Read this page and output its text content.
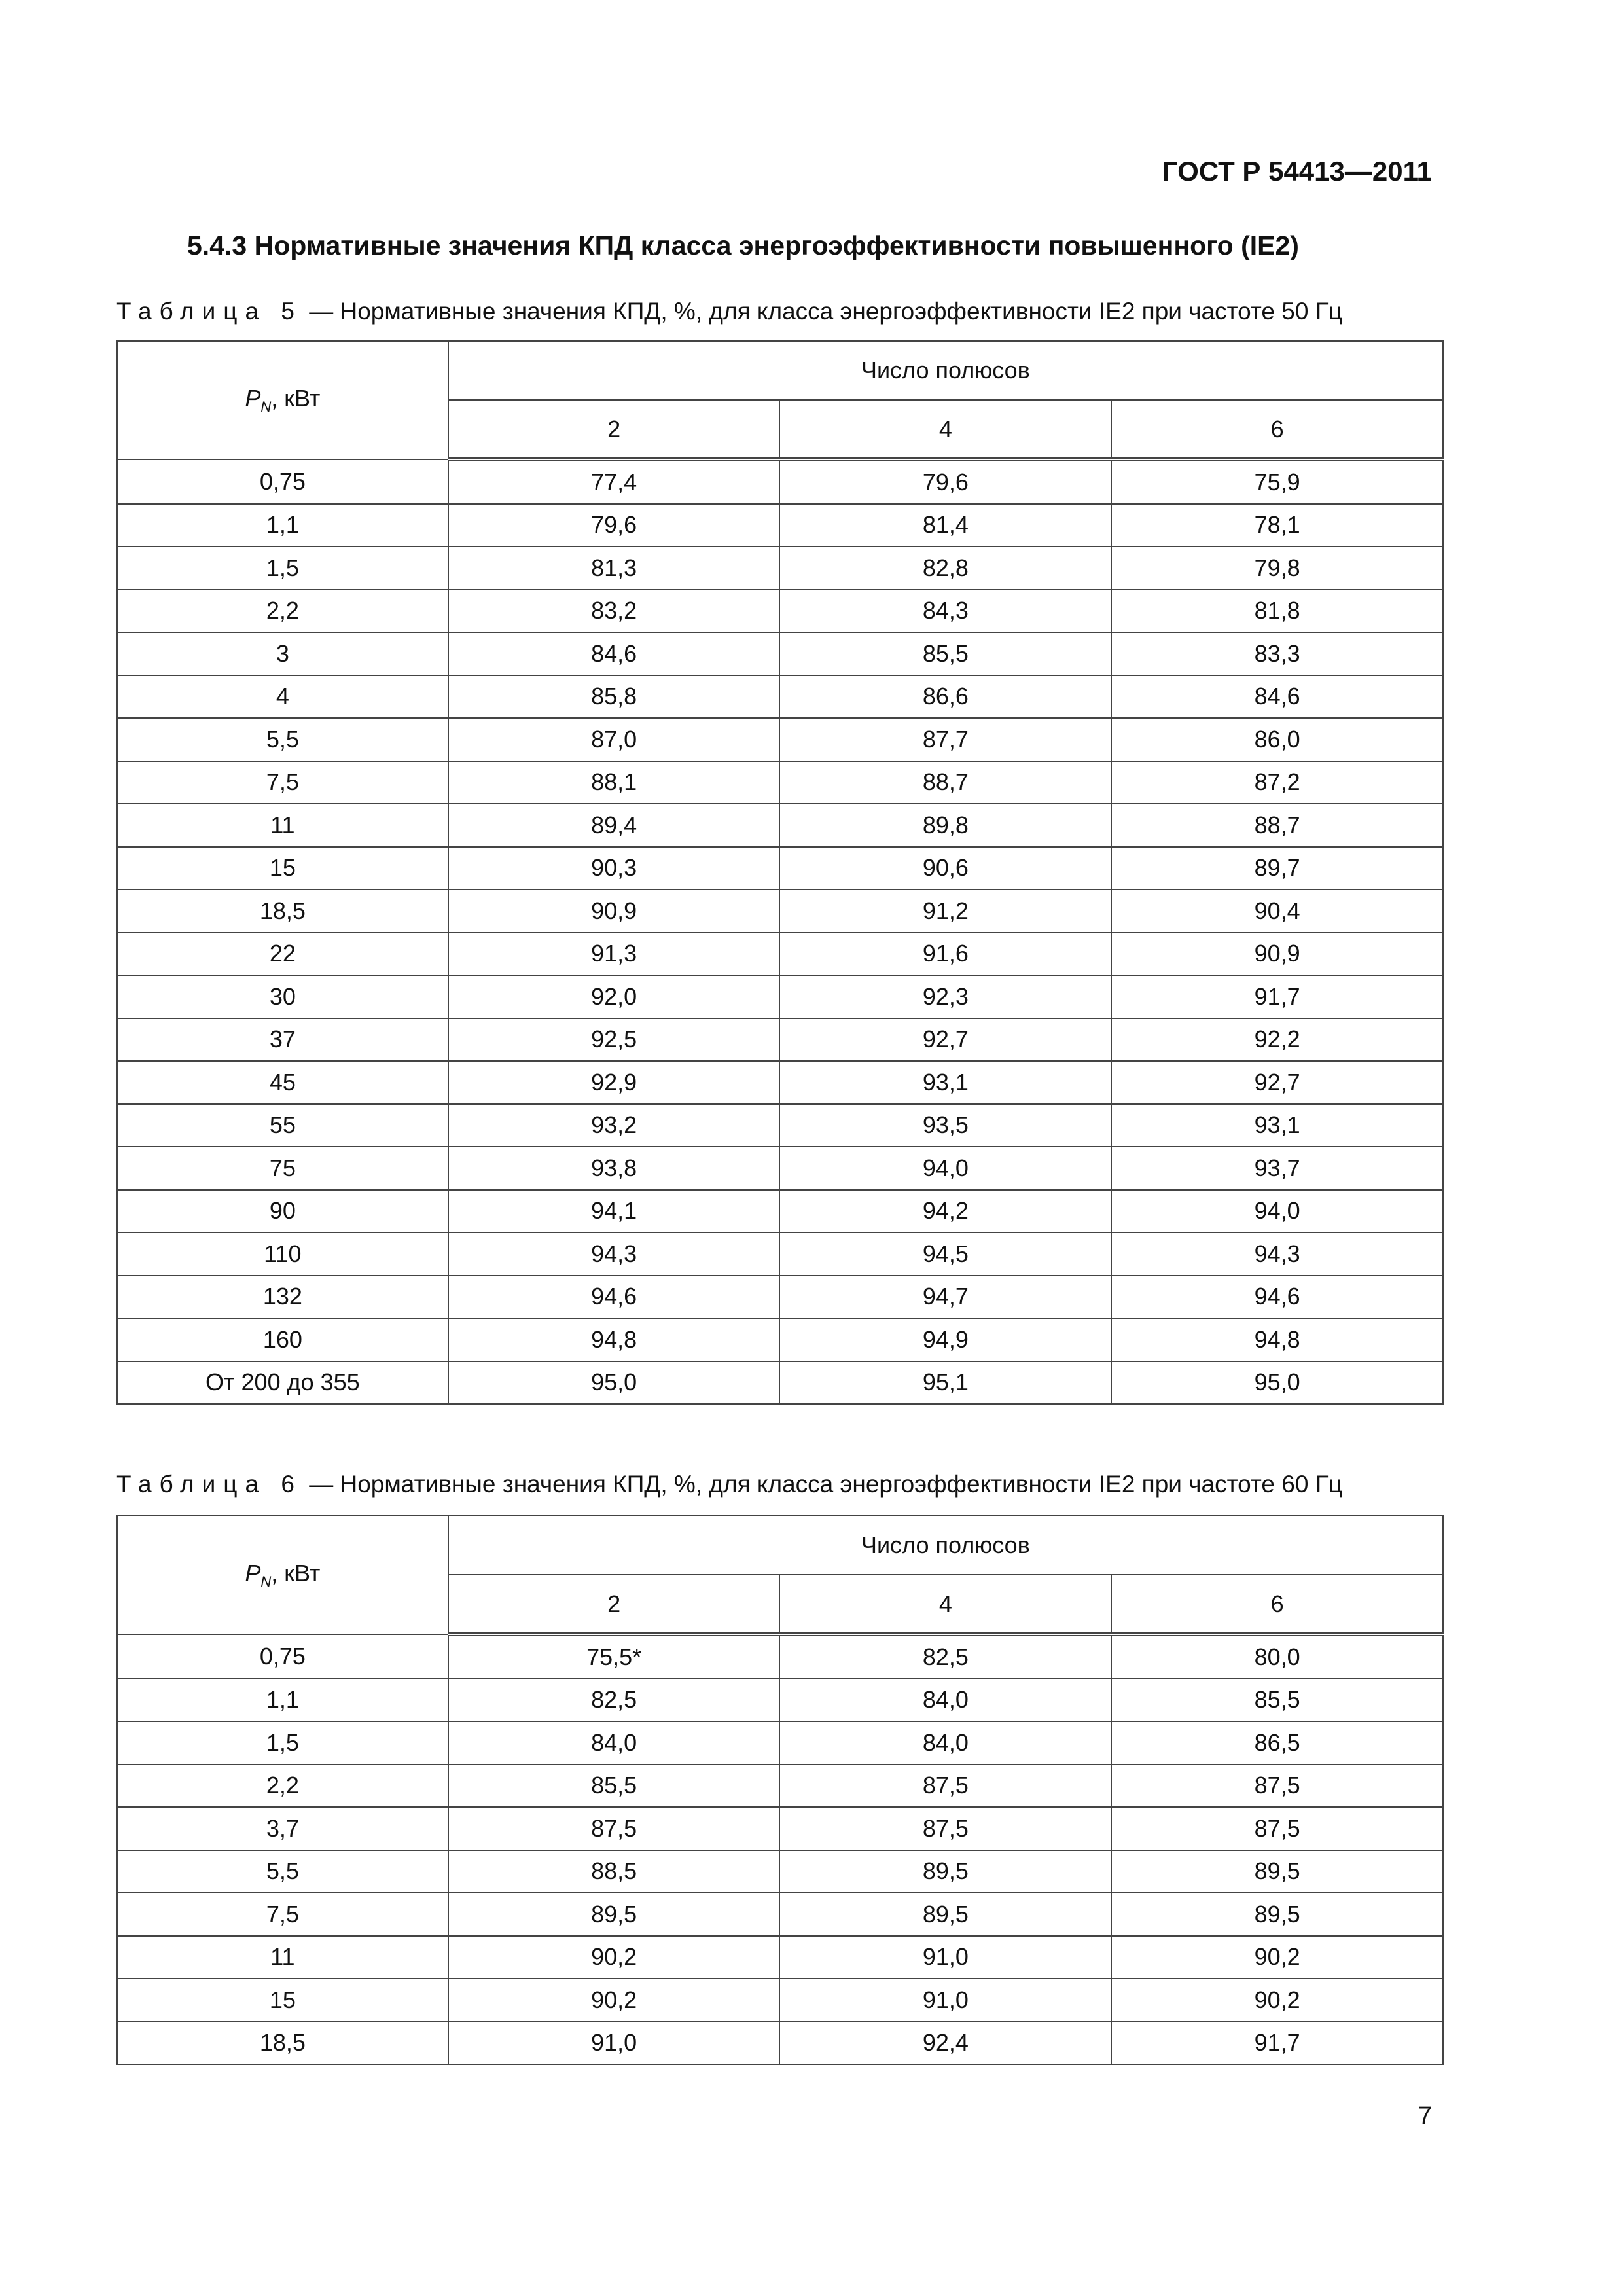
ГОСТ Р 54413—2011
5.4.3 Нормативные значения КПД класса энергоэффективности повышенного (IE2)
Таблица 5 — Нормативные значения КПД, %, для класса энергоэффективности IE2 при частоте 50 Гц
$P_N$, кВт	Число полюсов		
	2	4	6
0,75	77,4	79,6	75,9
1,1	79,6	81,4	78,1
1,5	81,3	82,8	79,8
2,2	83,2	84,3	81,8
3	84,6	85,5	83,3
4	85,8	86,6	84,6
5,5	87,0	87,7	86,0
7,5	88,1	88,7	87,2
11	89,4	89,8	88,7
15	90,3	90,6	89,7
18,5	90,9	91,2	90,4
22	91,3	91,6	90,9
30	92,0	92,3	91,7
37	92,5	92,7	92,2
45	92,9	93,1	92,7
55	93,2	93,5	93,1
75	93,8	94,0	93,7
90	94,1	94,2	94,0
110	94,3	94,5	94,3
132	94,6	94,7	94,6
160	94,8	94,9	94,8
От 200 до 355	95,0	95,1	95,0
Таблица 6 — Нормативные значения КПД, %, для класса энергоэффективности IE2 при частоте 60 Гц
$P_N$, кВт	Число полюсов		
	2	4	6
0,75	75,5*	82,5	80,0
1,1	82,5	84,0	85,5
1,5	84,0	84,0	86,5
2,2	85,5	87,5	87,5
3,7	87,5	87,5	87,5
5,5	88,5	89,5	89,5
7,5	89,5	89,5	89,5
11	90,2	91,0	90,2
15	90,2	91,0	90,2
18,5	91,0	92,4	91,7
7
